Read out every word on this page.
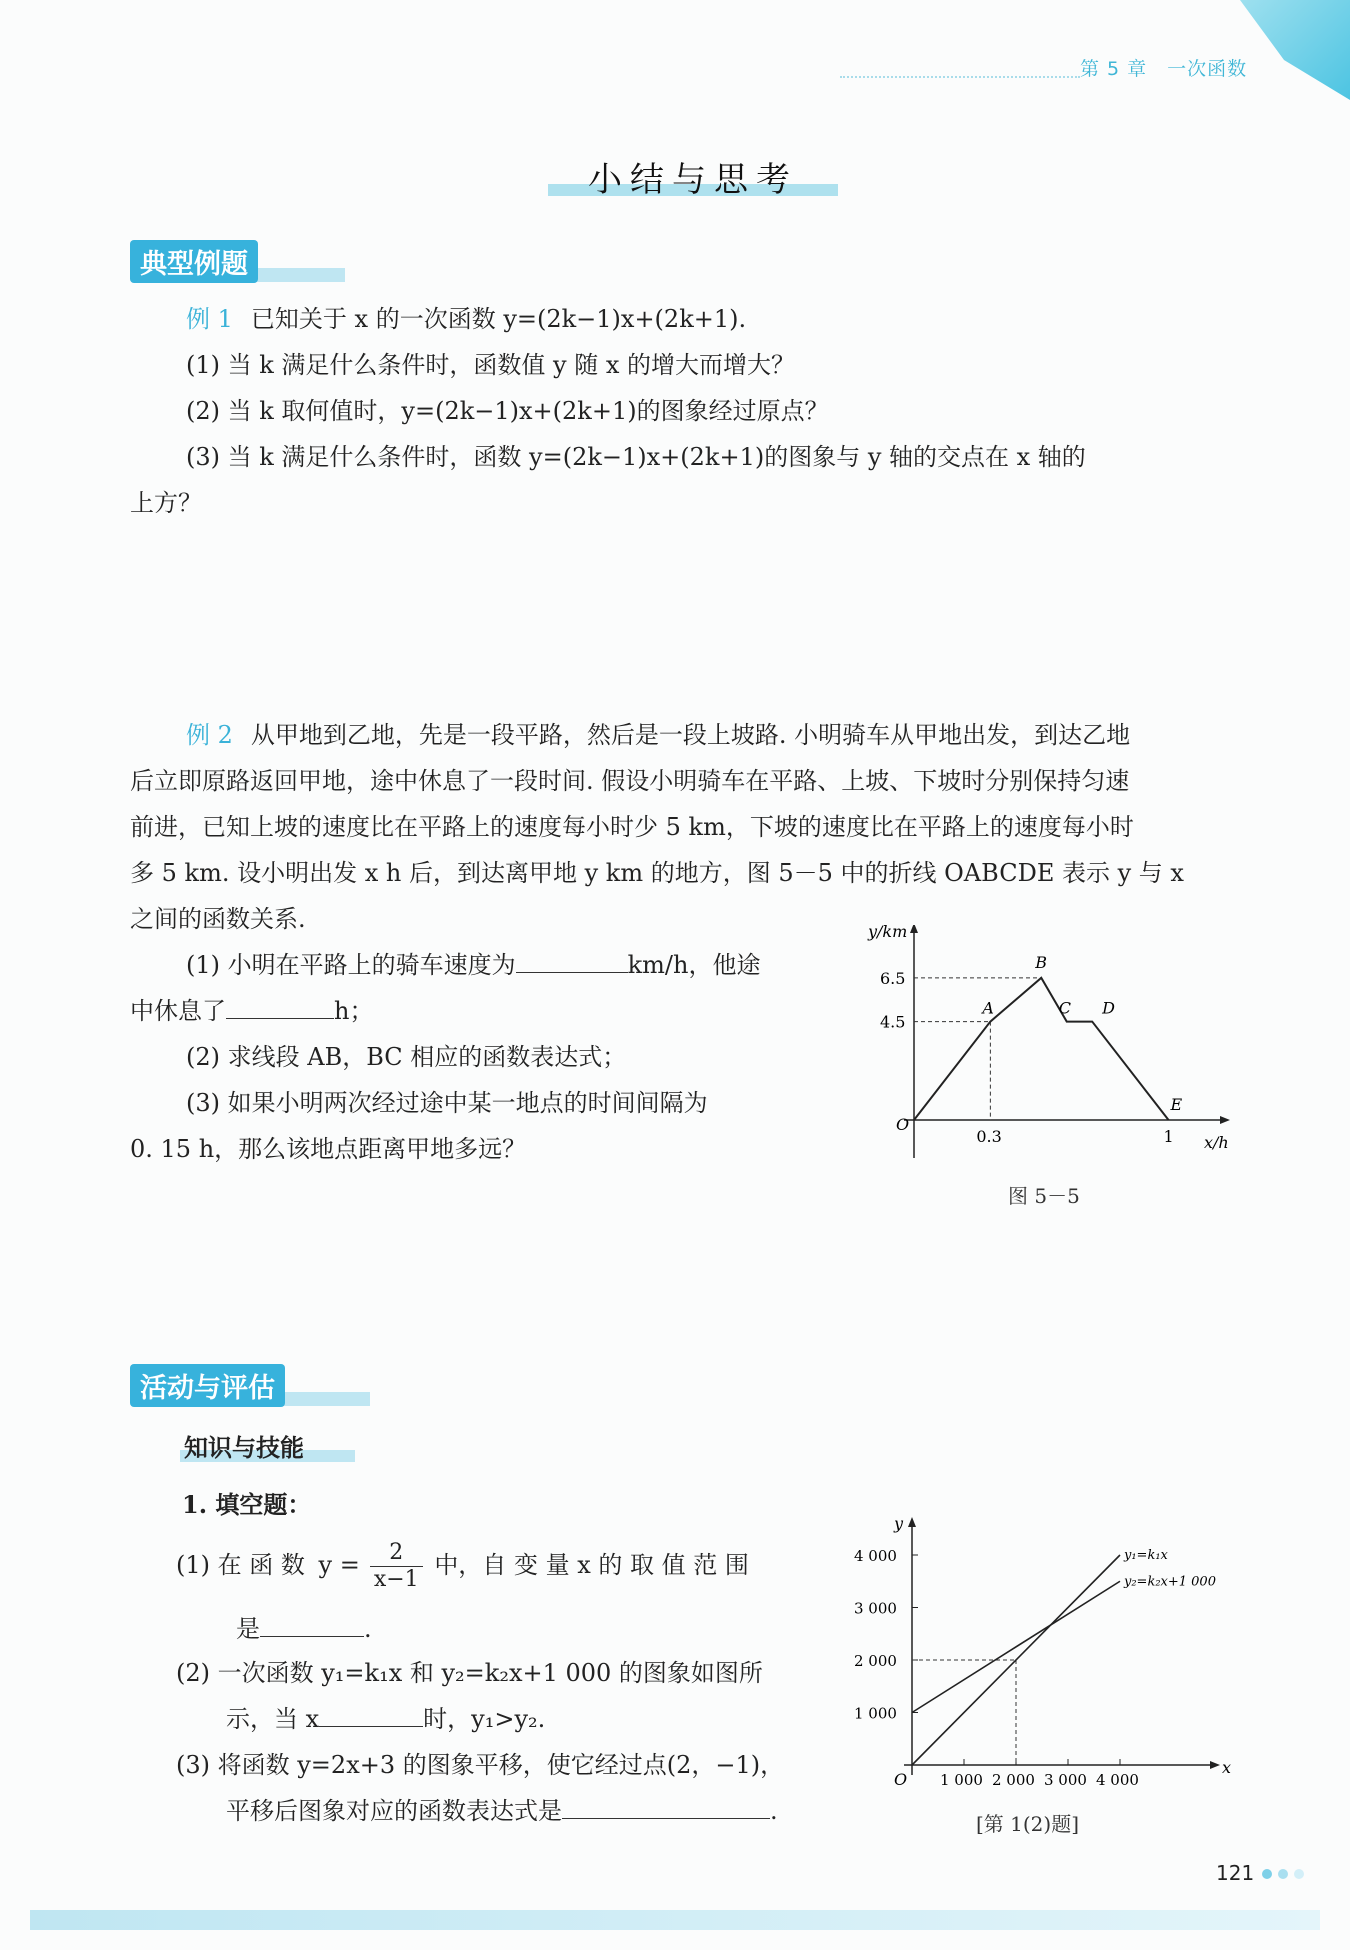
第 5 章　一次函数
小结与思考
典型例题
例 1 已知关于 x 的一次函数 y=(2k−1)x+(2k+1).
(1) 当 k 满足什么条件时，函数值 y 随 x 的增大而增大？
(2) 当 k 取何值时，y=(2k−1)x+(2k+1)的图象经过原点？
(3) 当 k 满足什么条件时，函数 y=(2k−1)x+(2k+1)的图象与 y 轴的交点在 x 轴的
上方？
例 2 从甲地到乙地，先是一段平路，然后是一段上坡路. 小明骑车从甲地出发，到达乙地
后立即原路返回甲地，途中休息了一段时间. 假设小明骑车在平路、上坡、下坡时分别保持匀速
前进，已知上坡的速度比在平路上的速度每小时少 5 km，下坡的速度比在平路上的速度每小时
多 5 km. 设小明出发 x h 后，到达离甲地 y km 的地方，图 5－5 中的折线 OABCDE 表示 y 与 x
之间的函数关系.
(1) 小明在平路上的骑车速度为	km/h，他途
中休息了	h；
(2) 求线段 AB，BC 相应的函数表达式；
(3) 如果小明两次经过途中某一地点的时间间隔为
0. 15 h，那么该地点距离甲地多远？
y/km
x/h
O
A
B
C D
E
4.5
6.5
0.3	1
图 5－5
活动与评估
知识与技能
1. 填空题：
(1) 在 函 数 $y = \frac{2}{x-1}$ 中，自 变 量 x 的 取 值 范 围
是	.
(2) 一次函数 y₁=k₁x 和 y₂=k₂x+1 000 的图象如图所
示，当 x	时，y₁>y₂.
(3) 将函数 y=2x+3 的图象平移，使它经过点(2，−1)，
平移后图象对应的函数表达式是	.
y
x
O
1 000
1 000
2 000
2 000
3 000
3 000
4 000
4 000
y₁=k₁x
y₂=k₂x+1 000
[第 1(2)题]
121
